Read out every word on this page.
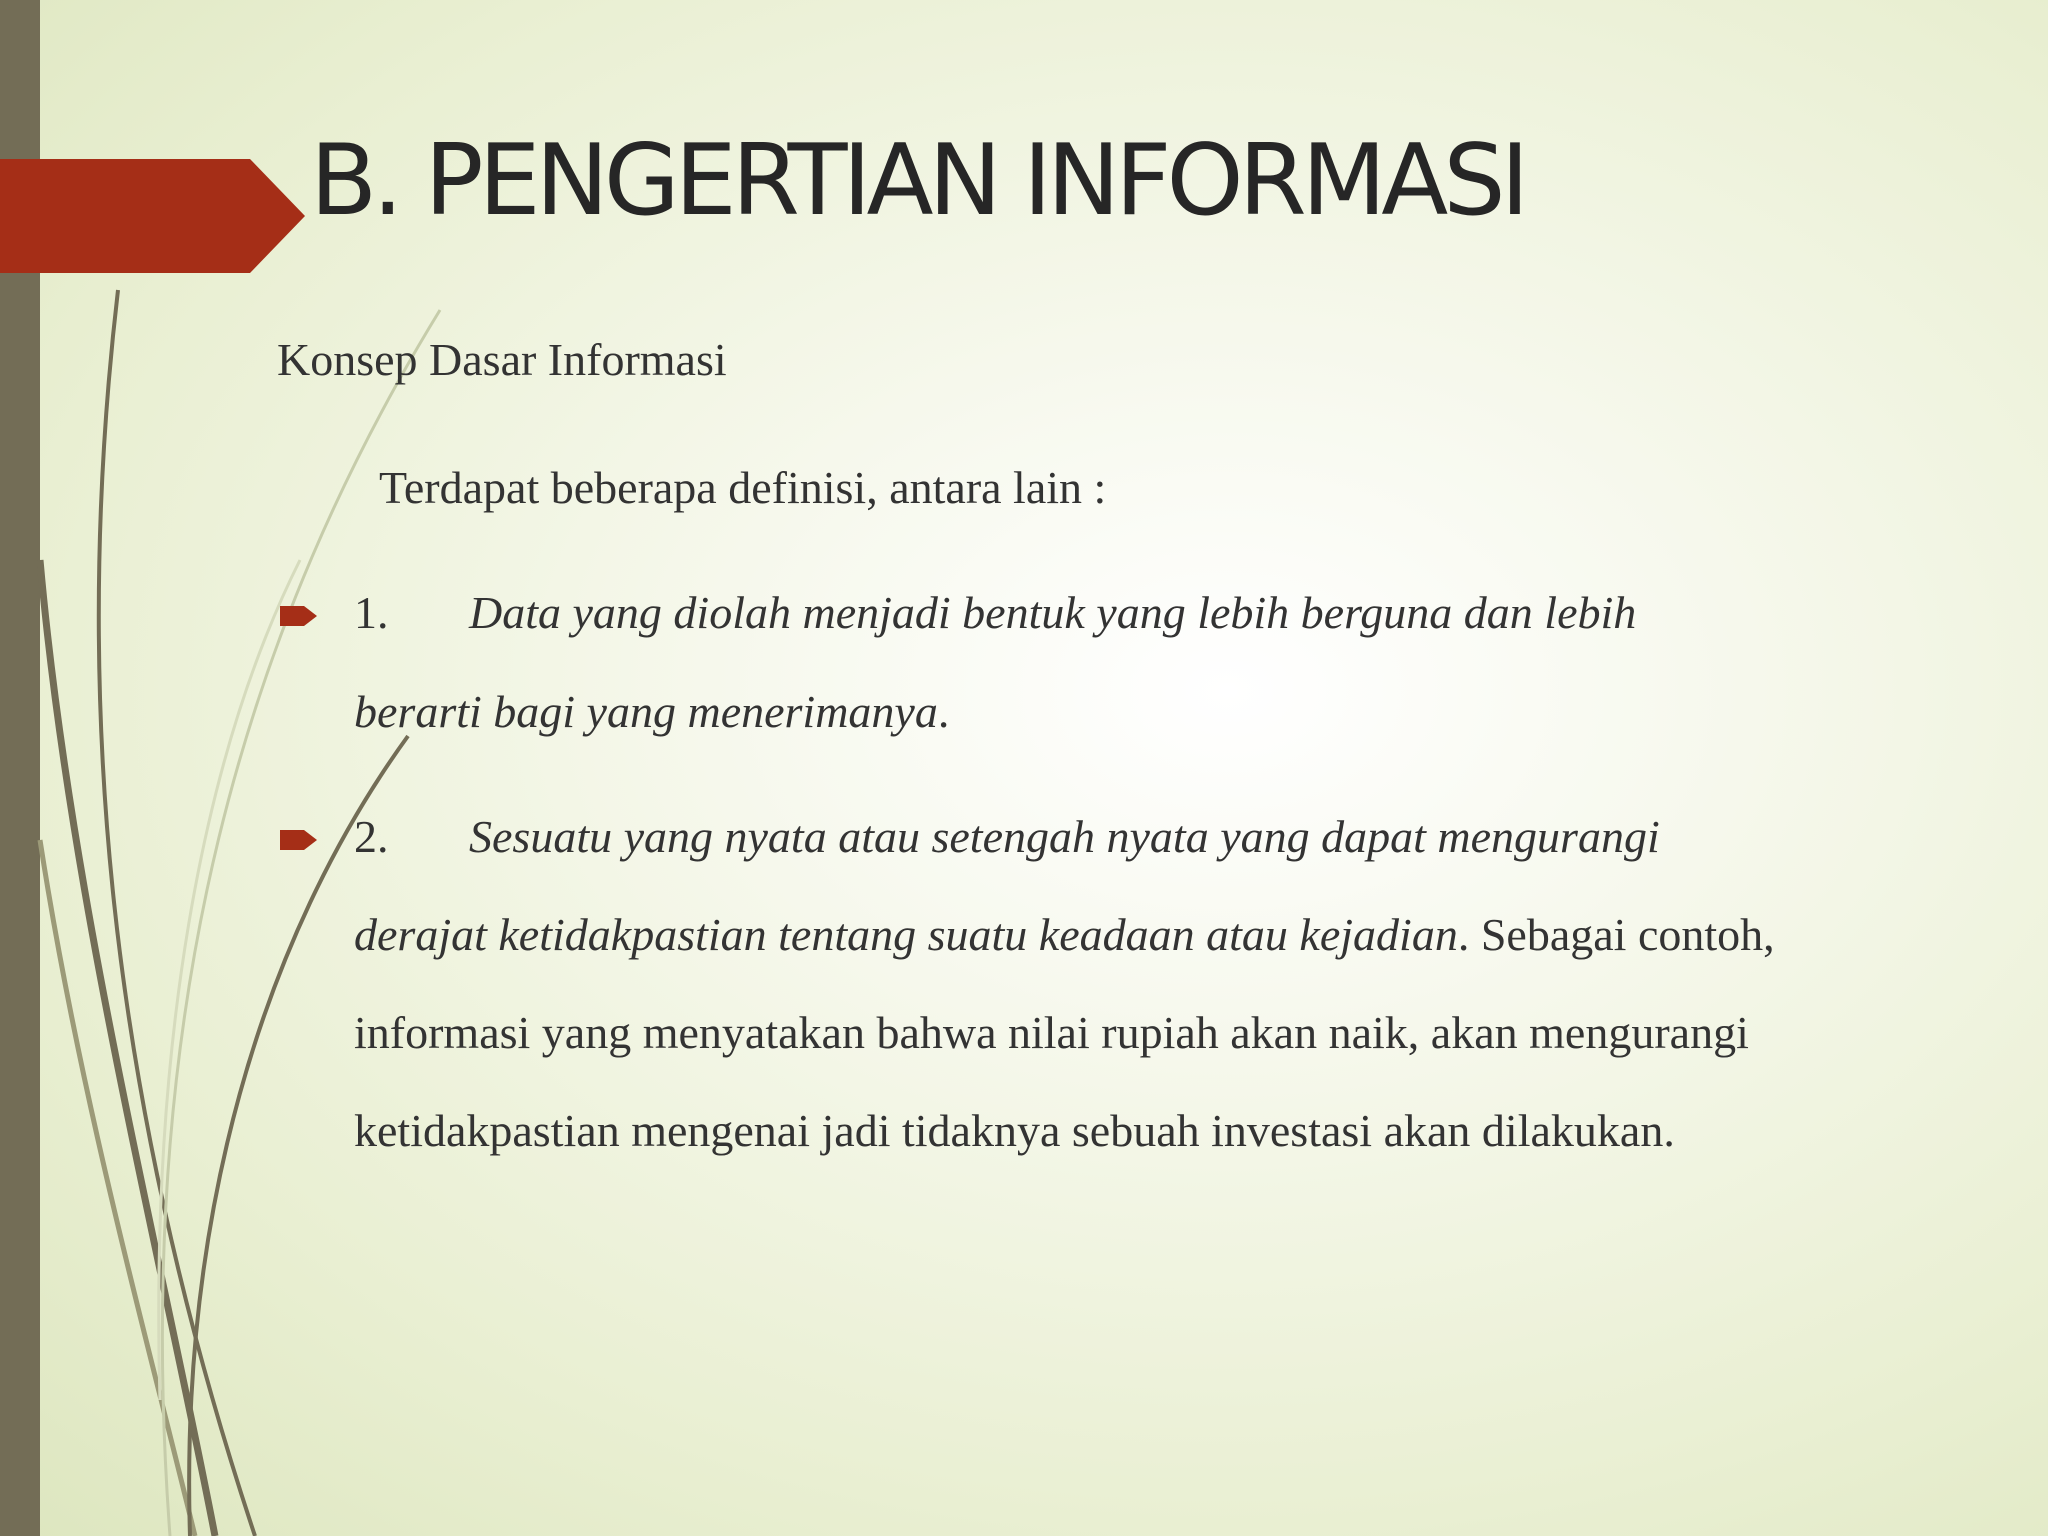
B. PENGERTIAN INFORMASI
Konsep Dasar Informasi
Terdapat beberapa definisi, antara lain :
1. Data yang diolah menjadi bentuk yang lebih berguna dan lebih
berarti bagi yang menerimanya.
2. Sesuatu yang nyata atau setengah nyata yang dapat mengurangi
derajat ketidakpastian tentang suatu keadaan atau kejadian. Sebagai contoh,
informasi yang menyatakan bahwa nilai rupiah akan naik, akan mengurangi
ketidakpastian mengenai jadi tidaknya sebuah investasi akan dilakukan.
